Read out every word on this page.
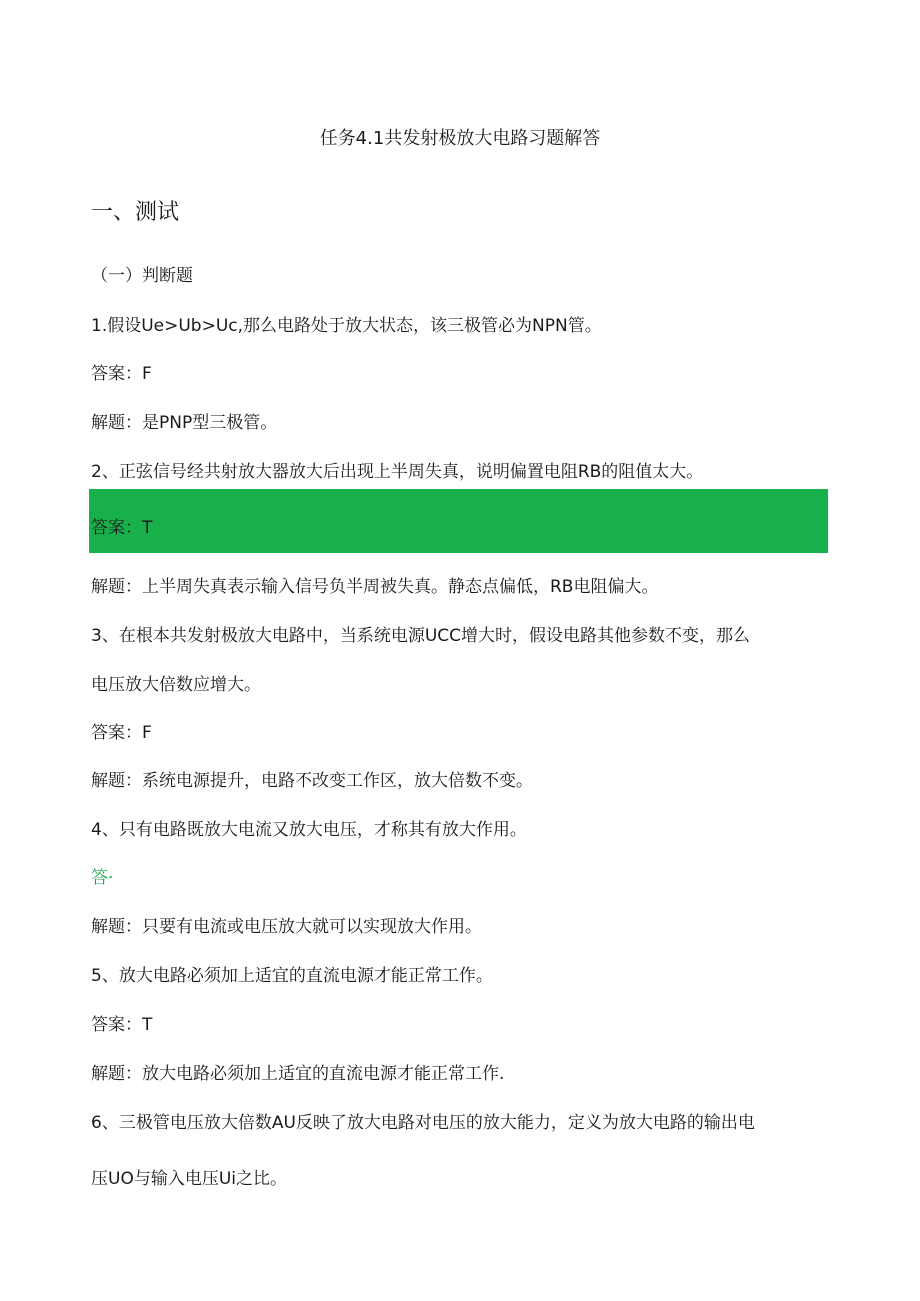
任务4.1共发射极放大电路习题解答
一、测试
（一）判断题
1.假设Ue>Ub>Uc,那么电路处于放大状态，该三极管必为NPN管。
答案：F
解题：是PNP型三极管。
2、正弦信号经共射放大器放大后出现上半周失真，说明偏置电阻RB的阻值太大。
答案：T
解题：上半周失真表示输入信号负半周被失真。静态点偏低，RB电阻偏大。
3、在根本共发射极放大电路中，当系统电源UCC增大时，假设电路其他参数不变，那么
电压放大倍数应增大。
答案：F
解题：系统电源提升，电路不改变工作区，放大倍数不变。
4、只有电路既放大电流又放大电压，才称其有放大作用。
答·
解题：只要有电流或电压放大就可以实现放大作用。
5、放大电路必须加上适宜的直流电源才能正常工作。
答案：T
解题：放大电路必须加上适宜的直流电源才能正常工作.
6、三极管电压放大倍数AU反映了放大电路对电压的放大能力，定义为放大电路的输出电
压UO与输入电压Ui之比。
